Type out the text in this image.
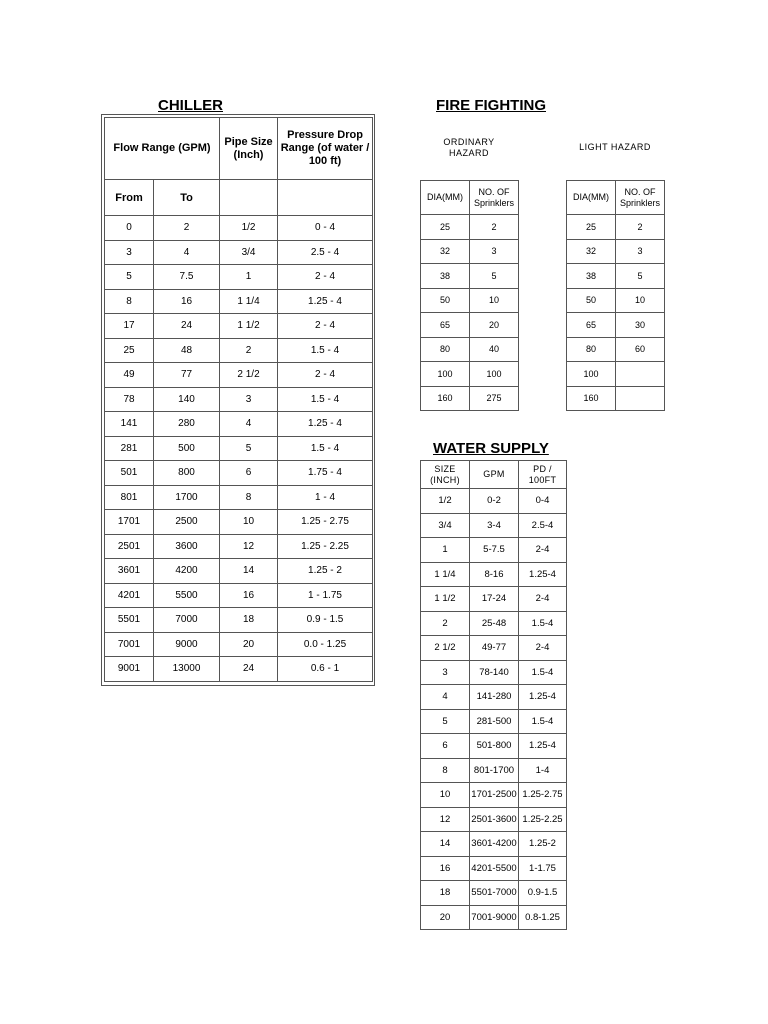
CHILLER
Flow Range (GPM)		Pipe Size (Inch)	Pressure Drop Range (of water / 100 ft)
From	To		
0	2	1/2	0 - 4
3	4	3/4	2.5 - 4
5	7.5	1	2 - 4
8	16	1 1/4	1.25 - 4
17	24	1 1/2	2 - 4
25	48	2	1.5 - 4
49	77	2 1/2	2 - 4
78	140	3	1.5 - 4
141	280	4	1.25 - 4
281	500	5	1.5 - 4
501	800	6	1.75 - 4
801	1700	8	1 - 4
1701	2500	10	1.25 - 2.75
2501	3600	12	1.25 - 2.25
3601	4200	14	1.25 - 2
4201	5500	16	1 - 1.75
5501	7000	18	0.9 - 1.5
7001	9000	20	0.0 - 1.25
9001	13000	24	0.6 - 1
FIRE FIGHTING
ORDINARY HAZARD
LIGHT HAZARD
DIA(MM)	NO. OF Sprinklers
25	2
32	3
38	5
50	10
65	20
80	40
100	100
160	275
DIA(MM)	NO. OF Sprinklers
25	2
32	3
38	5
50	10
65	30
80	60
100	
160	
WATER SUPPLY
SIZE (INCH)	GPM	PD / 100FT
1/2	0-2	0-4
3/4	3-4	2.5-4
1	5-7.5	2-4
1 1/4	8-16	1.25-4
1 1/2	17-24	2-4
2	25-48	1.5-4
2 1/2	49-77	2-4
3	78-140	1.5-4
4	141-280	1.25-4
5	281-500	1.5-4
6	501-800	1.25-4
8	801-1700	1-4
10	1701-2500	1.25-2.75
12	2501-3600	1.25-2.25
14	3601-4200	1.25-2
16	4201-5500	1-1.75
18	5501-7000	0.9-1.5
20	7001-9000	0.8-1.25
